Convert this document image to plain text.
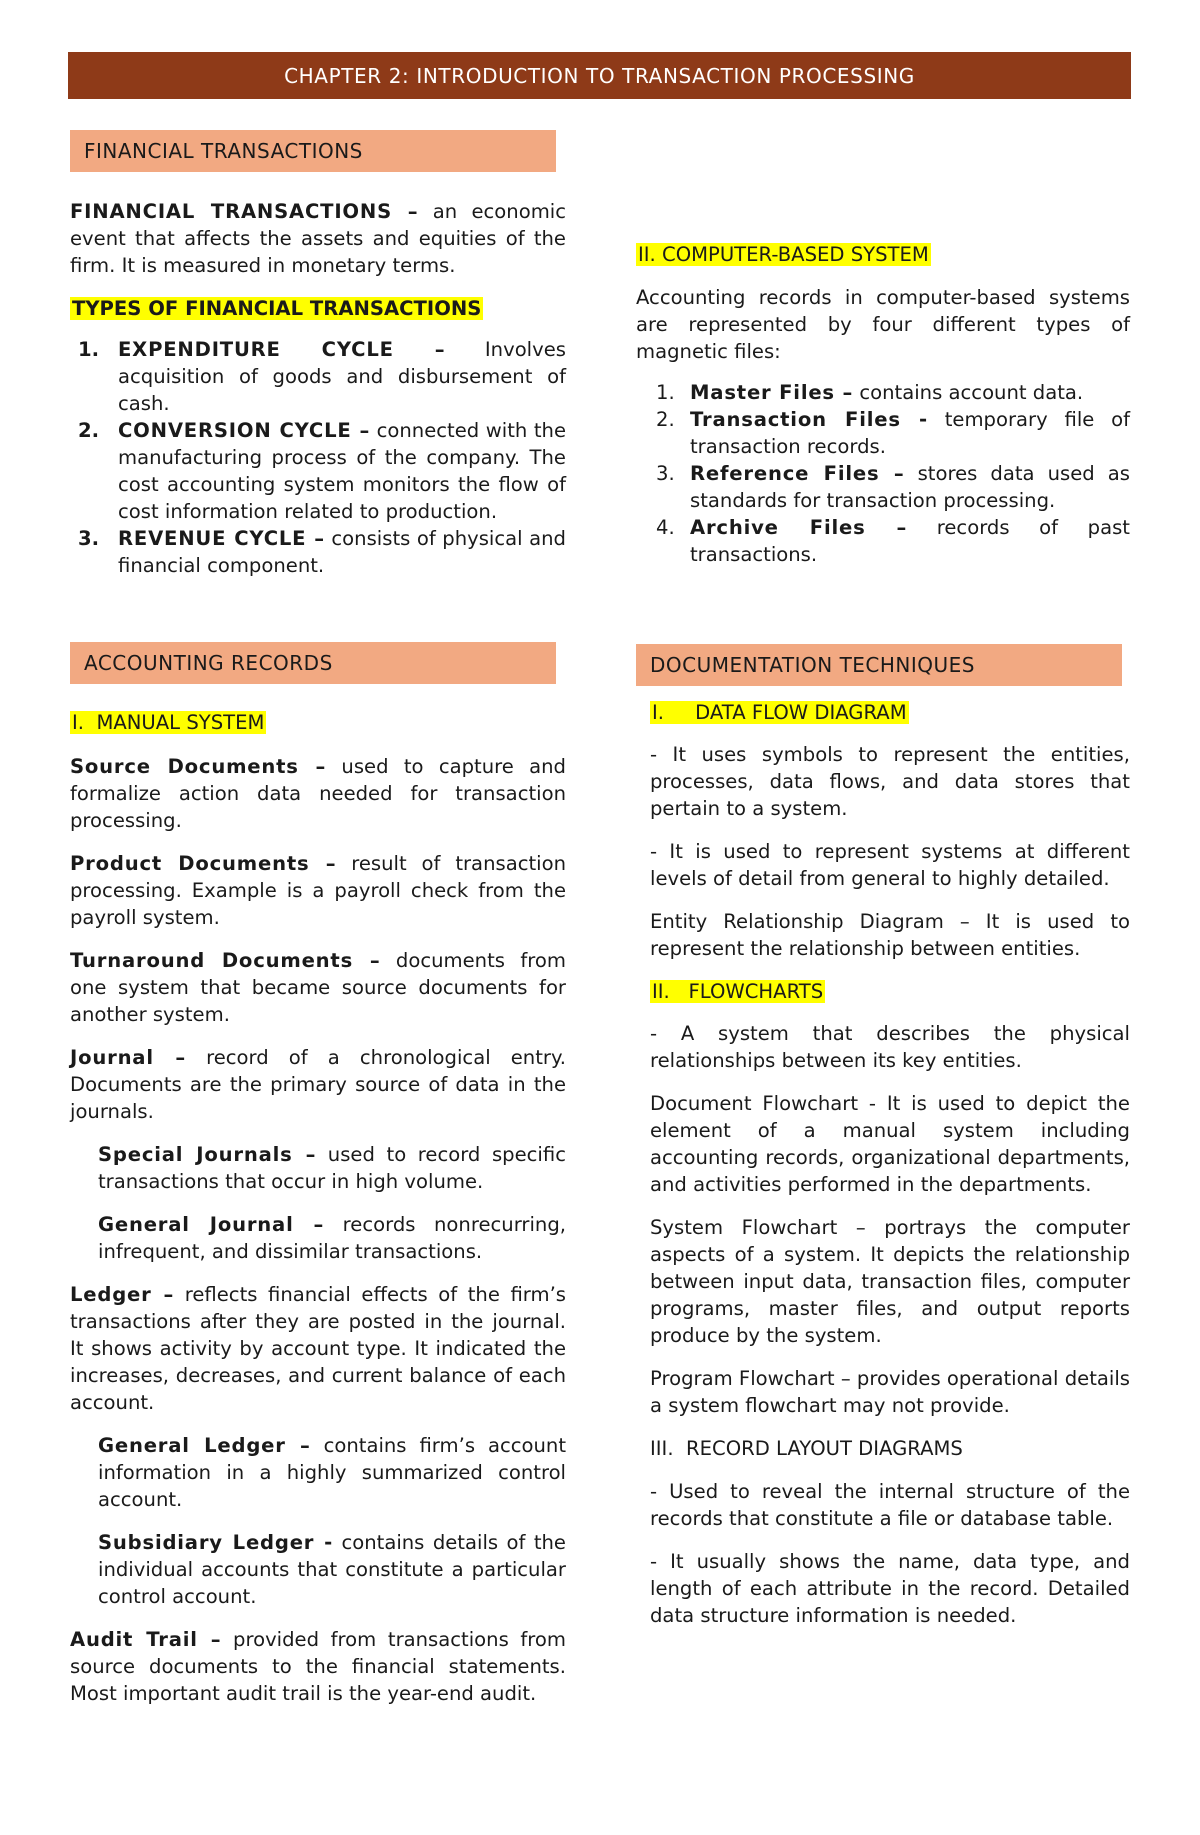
CHAPTER 2: INTRODUCTION TO TRANSACTION PROCESSING
FINANCIAL TRANSACTIONS

FINANCIAL TRANSACTIONS – an economic event that affects the assets and equities of the firm. It is measured in monetary terms.

TYPES OF FINANCIAL TRANSACTIONS
1. EXPENDITURE CYCLE – Involves acquisition of goods and disbursement of cash.
2. CONVERSION CYCLE – connected with the manufacturing process of the company. The cost accounting system monitors the flow of cost information related to production.
3. REVENUE CYCLE – consists of physical and financial component.
II. COMPUTER-BASED SYSTEM

Accounting records in computer-based systems are represented by four different types of magnetic files:

1. Master Files – contains account data.
2. Transaction Files - temporary file of transaction records.
3. Reference Files – stores data used as standards for transaction processing.
4. Archive Files – records of past transactions.
ACCOUNTING RECORDS
I.  MANUAL SYSTEM

Source Documents – used to capture and formalize action data needed for transaction processing.

Product Documents – result of transaction processing. Example is a payroll check from the payroll system.

Turnaround Documents – documents from one system that became source documents for another system.

Journal – record of a chronological entry. Documents are the primary source of data in the journals.

Special Journals – used to record specific transactions that occur in high volume.

General Journal – records nonrecurring, infrequent, and dissimilar transactions.

Ledger – reflects financial effects of the firm’s transactions after they are posted in the journal. It shows activity by account type. It indicated the increases, decreases, and current balance of each account.

General Ledger – contains firm’s account information in a highly summarized control account.

Subsidiary Ledger - contains details of the individual accounts that constitute a particular control account.

Audit Trail – provided from transactions from source documents to the financial statements. Most important audit trail is the year-end audit.

DOCUMENTATION TECHNIQUES
I.     DATA FLOW DIAGRAM

- It uses symbols to represent the entities, processes, data flows, and data stores that pertain to a system.

- It is used to represent systems at different levels of detail from general to highly detailed.

Entity Relationship Diagram – It is used to represent the relationship between entities.

II.   FLOWCHARTS

- A system that describes the physical relationships between its key entities.

Document Flowchart - It is used to depict the element of a manual system including accounting records, organizational departments, and activities performed in the departments.

System Flowchart – portrays the computer aspects of a system. It depicts the relationship between input data, transaction files, computer programs, master files, and output reports produce by the system.

Program Flowchart – provides operational details a system flowchart may not provide.

III.  RECORD LAYOUT DIAGRAMS

- Used to reveal the internal structure of the records that constitute a file or database table.

- It usually shows the name, data type, and length of each attribute in the record. Detailed data structure information is needed.
